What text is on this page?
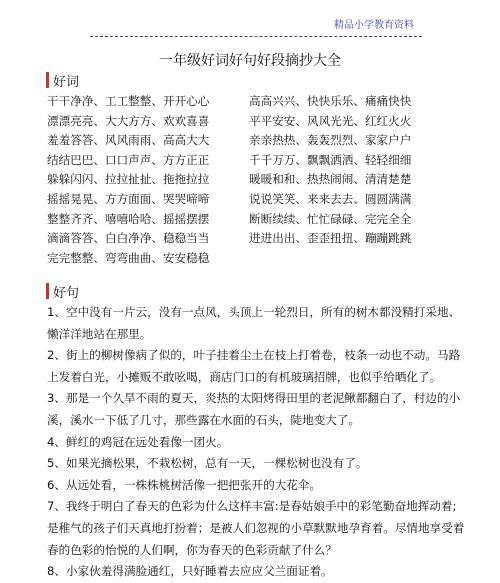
精品小学教育资料
一年级好词好句好段摘抄大全
好词
干干净净、工工整整、开开心心	高高兴兴、快快乐乐、痛痛快快
漂漂亮亮、大大方方、欢欢喜喜	平平安安、风风光光、红红火火
羞羞答答、风风雨雨、高高大大	亲亲热热、轰轰烈烈、家家户户
结结巴巴、口口声声、方方正正	千千万万、飘飘洒洒、轻轻细细
躲躲闪闪、拉拉扯扯、拖拖拉拉	暖暖和和、热热闹闹、清清楚楚
摇摇晃晃、方方面面、哭哭啼啼	说说笑笑、来来去去、圆圆满满
整整齐齐、嘻嘻哈哈、摇摇摆摆	断断续续、忙忙碌碌、完完全全
滴滴答答、白白净净、稳稳当当	进进出出、歪歪扭扭、蹦蹦跳跳
完完整整、弯弯曲曲、安安稳稳
好句

1、空中没有一片云，没有一点风，头顶上一轮烈日，所有的树木都没精打采地、懒洋洋地站在那里。

2、街上的柳树像病了似的，叶子挂着尘土在枝上打着卷，枝条一动也不动。马路上发着白光，小摊贩不敢吆喝，商店门口的有机玻璃招牌，也似乎给晒化了。

3、那是一个久旱不雨的夏天，炎热的太阳烤得田里的老泥鳅都翻白了，村边的小溪，溪水一下低了几寸，那些露在水面的石头，陡地变大了。

4、鲜红的鸡冠在远处看像一团火。

5、如果光摘松果，不栽松树，总有一天，一棵松树也没有了。

6、从远处看，一株株桃树活像一把把张开的大花伞。

7、我终于明白了春天的色彩为什么这样丰富:是春姑娘手中的彩笔勤奋地挥动着;是稚气的孩子们天真地打扮着；是被人们忽视的小草默默地孕育着。尽情地享受着春的色彩的怡悦的人们啊，你为春天的色彩贡献了什么？

8、小家伙羞得满脸通红，只好睡着去应应父兰面证着。
